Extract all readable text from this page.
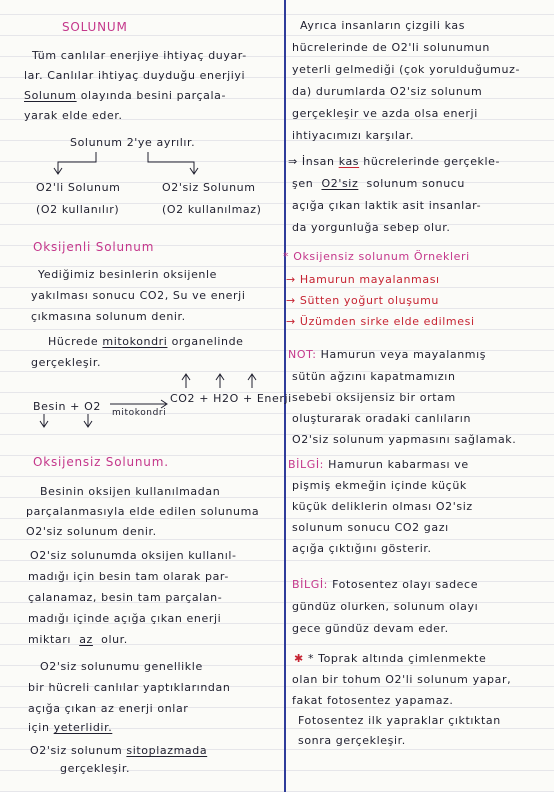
SOLUNUM
Tüm canlılar enerjiye ihtiyaç duyar-
lar. Canlılar ihtiyaç duyduğu enerjiyi
Solunum olayında besini parçala-
yarak elde eder.
Solunum 2'ye ayrılır.
O2'li Solunum
(O2 kullanılır)
O2'siz Solunum
(O2 kullanılmaz)
Oksijenli Solunum
Yediğimiz besinlerin oksijenle
yakılması sonucu CO2, Su ve enerji
çıkmasına solunum denir.
Hücrede mitokondri organelinde
gerçekleşir.
Besin + O2 mitokondri
CO2 + H2O + Enerji
Oksijensiz Solunum.
Besinin oksijen kullanılmadan
parçalanmasıyla elde edilen solunuma
O2'siz solunum denir.
O2'siz solunumda oksijen kullanıl-
madığı için besin tam olarak par-
çalanamaz, besin tam parçalan-
madığı içinde açığa çıkan enerji
miktarı az olur.
O2'siz solunumu genellikle
bir hücreli canlılar yaptıklarından
açığa çıkan az enerji onlar
için yeterlidir.
O2'siz solunum sitoplazmada
gerçekleşir.
Ayrıca insanların çizgili kas
hücrelerinde de O2'li solunumun
yeterli gelmediği (çok yorulduğumuz-
da) durumlarda O2'siz solunum
gerçekleşir ve azda olsa enerji
ihtiyacımızı karşılar.
⇒ İnsan kas hücrelerinde gerçekle-
şen O2'siz solunum sonucu
açığa çıkan laktik asit insanlar-
da yorgunluğa sebep olur.
* Oksijensiz solunum Örnekleri
→ Hamurun mayalanması
→ Sütten yoğurt oluşumu
→ Üzümden sirke elde edilmesi
NOT: Hamurun veya mayalanmış
sütün ağzını kapatmamızın
sebebi oksijensiz bir ortam
oluşturarak oradaki canlıların
O2'siz solunum yapmasını sağlamak.
BİLGİ: Hamurun kabarması ve
pişmiş ekmeğin içinde küçük
küçük deliklerin olması O2'siz
solunum sonucu CO2 gazı
açığa çıktığını gösterir.
BİLGİ: Fotosentez olayı sadece
gündüz olurken, solunum olayı
gece gündüz devam eder.
✱ * Toprak altında çimlenmekte
olan bir tohum O2'li solunum yapar,
fakat fotosentez yapamaz.
Fotosentez ilk yapraklar çıktıktan
sonra gerçekleşir.
